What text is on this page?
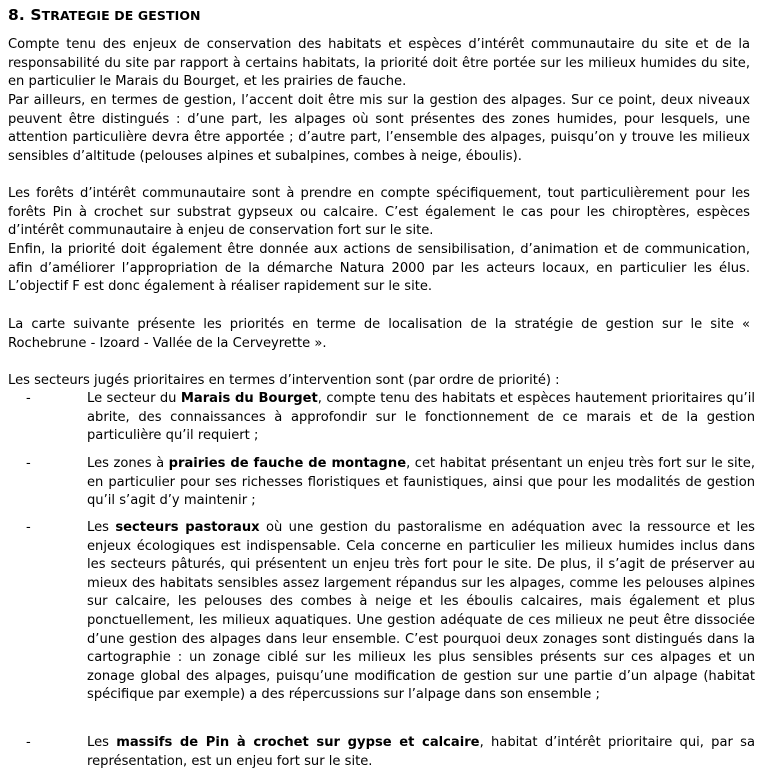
8. STRATEGIE DE GESTION

Compte tenu des enjeux de conservation des habitats et espèces d’intérêt communautaire du site et de la responsabilité du site par rapport à certains habitats, la priorité doit être portée sur les milieux humides du site, en particulier le Marais du Bourget, et les prairies de fauche.

Par ailleurs, en termes de gestion, l’accent doit être mis sur la gestion des alpages. Sur ce point, deux niveaux peuvent être distingués : d’une part, les alpages où sont présentes des zones humides, pour lesquels, une attention particulière devra être apportée ; d’autre part, l’ensemble des alpages, puisqu’on y trouve les milieux sensibles d’altitude (pelouses alpines et subalpines, combes à neige, éboulis).

Les forêts d’intérêt communautaire sont à prendre en compte spécifiquement, tout particulièrement pour les forêts Pin à crochet sur substrat gypseux ou calcaire. C’est également le cas pour les chiroptères, espèces d’intérêt communautaire à enjeu de conservation fort sur le site.

Enfin, la priorité doit également être donnée aux actions de sensibilisation, d’animation et de communication, afin d’améliorer l’appropriation de la démarche Natura 2000 par les acteurs locaux, en particulier les élus. L’objectif F est donc également à réaliser rapidement sur le site.

La carte suivante présente les priorités en terme de localisation de la stratégie de gestion sur le site « Rochebrune - Izoard - Vallée de la Cerveyrette ».

Les secteurs jugés prioritaires en termes d’intervention sont (par ordre de priorité) :

-	Le secteur du Marais du Bourget, compte tenu des habitats et espèces hautement prioritaires qu’il abrite, des connaissances à approfondir sur le fonctionnement de ce marais et de la gestion particulière qu’il requiert ;
-	Les zones à prairies de fauche de montagne, cet habitat présentant un enjeu très fort sur le site, en particulier pour ses richesses floristiques et faunistiques, ainsi que pour les modalités de gestion qu’il s’agit d’y maintenir ;
-	Les secteurs pastoraux où une gestion du pastoralisme en adéquation avec la ressource et les enjeux écologiques est indispensable. Cela concerne en particulier les milieux humides inclus dans les secteurs pâturés, qui présentent un enjeu très fort pour le site. De plus, il s’agit de préserver au mieux des habitats sensibles assez largement répandus sur les alpages, comme les pelouses alpines sur calcaire, les pelouses des combes à neige et les éboulis calcaires, mais également et plus ponctuellement, les milieux aquatiques. Une gestion adéquate de ces milieux ne peut être dissociée d’une gestion des alpages dans leur ensemble. C’est pourquoi deux zonages sont distingués dans la cartographie : un zonage ciblé sur les milieux les plus sensibles présents sur ces alpages et un zonage global des alpages, puisqu’une modification de gestion sur une partie d’un alpage (habitat spécifique par exemple) a des répercussions sur l’alpage dans son ensemble ;
-	Les massifs de Pin à crochet sur gypse et calcaire, habitat d’intérêt prioritaire qui, par sa représentation, est un enjeu fort sur le site.
